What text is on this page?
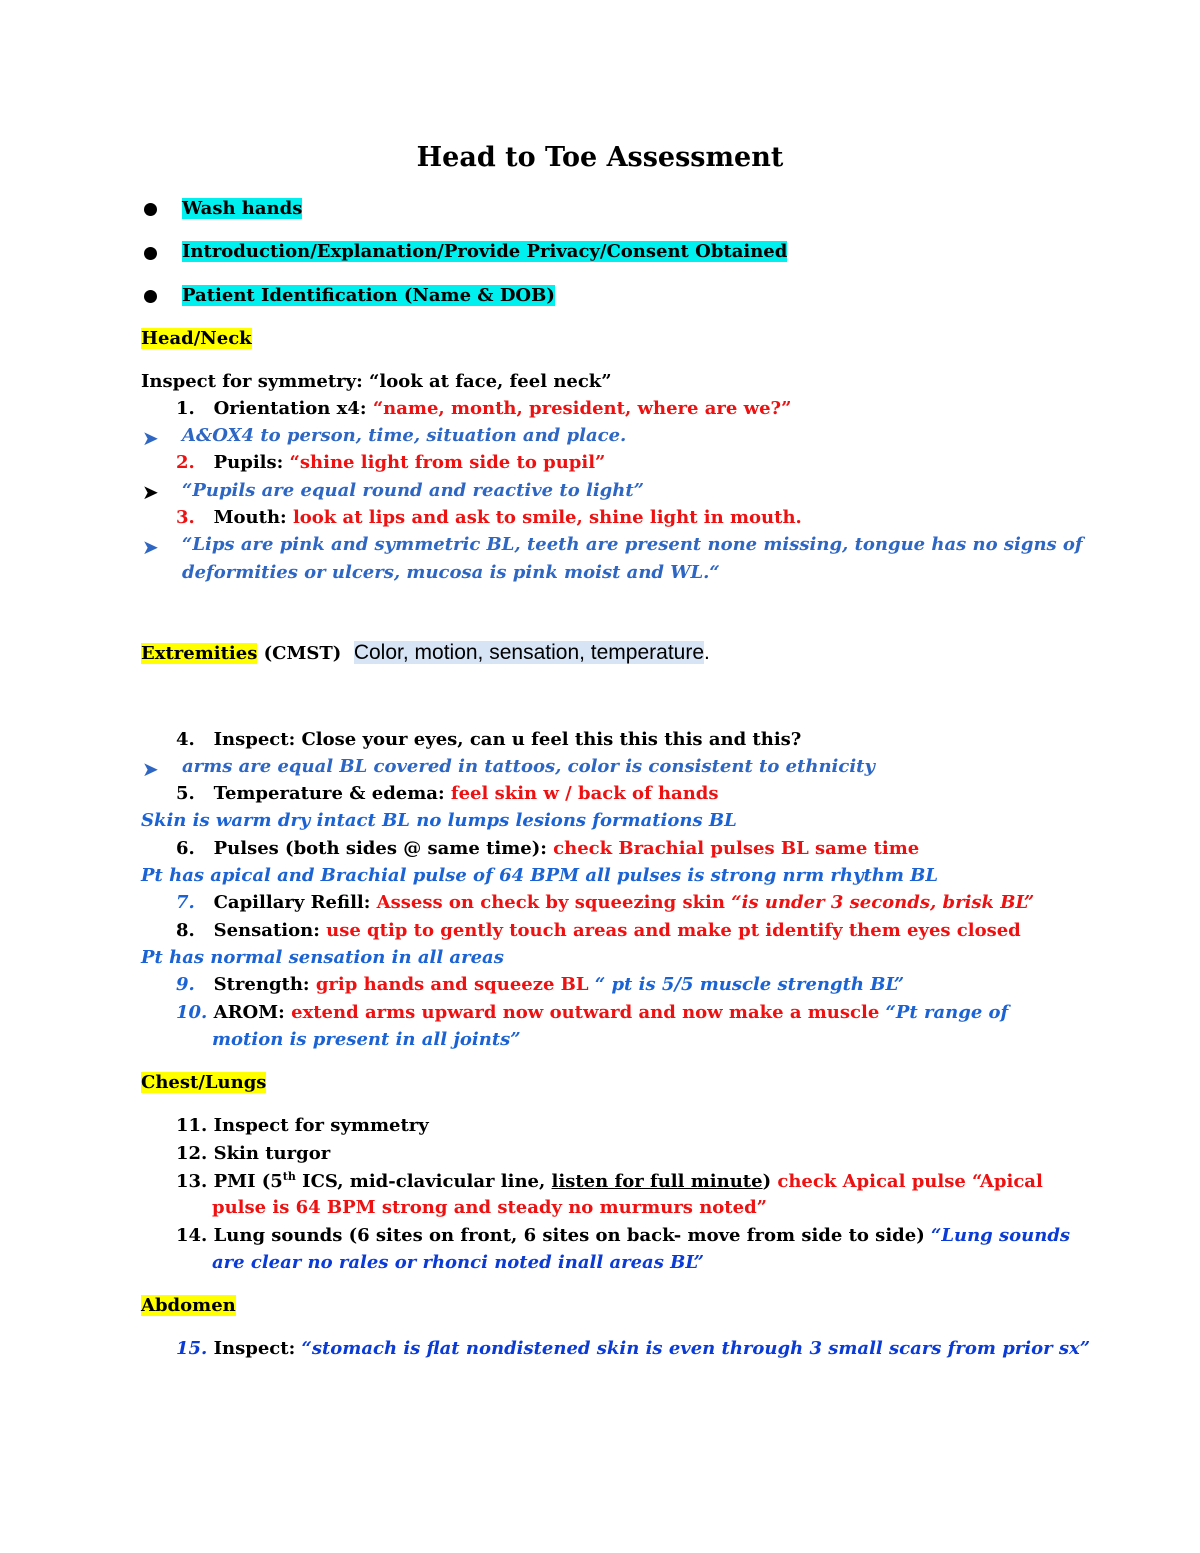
Head to Toe Assessment
Wash hands
Introduction/Explanation/Provide Privacy/Consent Obtained
Patient Identification (Name & DOB)
Head/Neck
Inspect for symmetry: “look at face, feel neck”
1. Orientation x4: “name, month, president, where are we?”
➤ A&OX4 to person, time, situation and place.
2. Pupils: “shine light from side to pupil”
➤ “Pupils are equal round and reactive to light”
3. Mouth: look at lips and ask to smile, shine light in mouth.
➤ “Lips are pink and symmetric BL, teeth are present none missing, tongue has no signs of
deformities or ulcers, mucosa is pink moist and WL.“
Extremities (CMST)  Color, motion, sensation, temperature.
4. Inspect: Close your eyes, can u feel this this this and this?
➤ arms are equal BL covered in tattoos, color is consistent to ethnicity
5. Temperature & edema: feel skin w / back of hands
Skin is warm dry intact BL no lumps lesions formations BL
6. Pulses (both sides @ same time): check Brachial pulses BL same time
Pt has apical and Brachial pulse of 64 BPM all pulses is strong nrm rhythm BL
7. Capillary Refill: Assess on check by squeezing skin “is under 3 seconds, brisk BL”
8. Sensation: use qtip to gently touch areas and make pt identify them eyes closed
Pt has normal sensation in all areas
9. Strength: grip hands and squeeze BL “ pt is 5/5 muscle strength BL”
10. AROM: extend arms upward now outward and now make a muscle “Pt range of
motion is present in all joints”
Chest/Lungs
11. Inspect for symmetry
12. Skin turgor
13. PMI (5th ICS, mid-clavicular line, listen for full minute) check Apical pulse “Apical
pulse is 64 BPM strong and steady no murmurs noted”
14. Lung sounds (6 sites on front, 6 sites on back- move from side to side) “Lung sounds
are clear no rales or rhonci noted inall areas BL”
Abdomen
15. Inspect: “stomach is flat nondistened skin is even through 3 small scars from prior sx”
